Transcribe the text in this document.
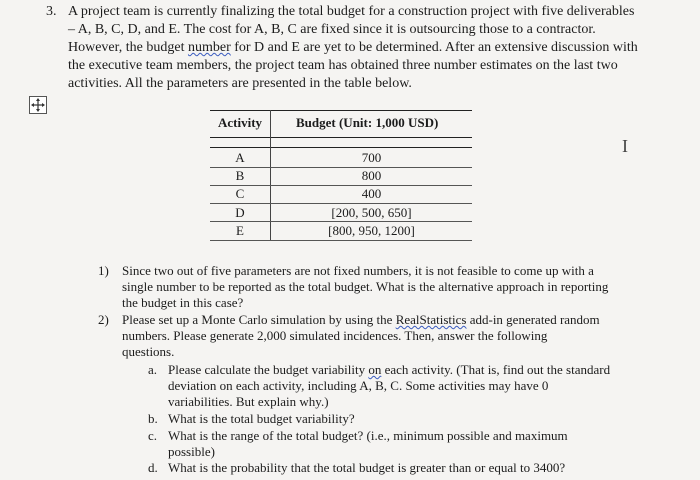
3. A project team is currently finalizing the total budget for a construction project with five deliverables
– A, B, C, D, and E. The cost for A, B, C are fixed since it is outsourcing those to a contractor.
However, the budget number for D and E are yet to be determined. After an extensive discussion with
the executive team members, the project team has obtained three number estimates on the last two
activities. All the parameters are presented in the table below.
Activity	Budget (Unit: 1,000 USD)
A	700
B	800
C	400
D	[200, 500, 650]
E	[800, 950, 1200]
I
1) Since two out of five parameters are not fixed numbers, it is not feasible to come up with a
single number to be reported as the total budget. What is the alternative approach in reporting
the budget in this case?
2) Please set up a Monte Carlo simulation by using the RealStatistics add-in generated random
numbers. Please generate 2,000 simulated incidences. Then, answer the following
questions.
a. Please calculate the budget variability on each activity. (That is, find out the standard
deviation on each activity, including A, B, C. Some activities may have 0
variabilities. But explain why.)
b. What is the total budget variability?
c. What is the range of the total budget? (i.e., minimum possible and maximum
possible)
d. What is the probability that the total budget is greater than or equal to 3400?
